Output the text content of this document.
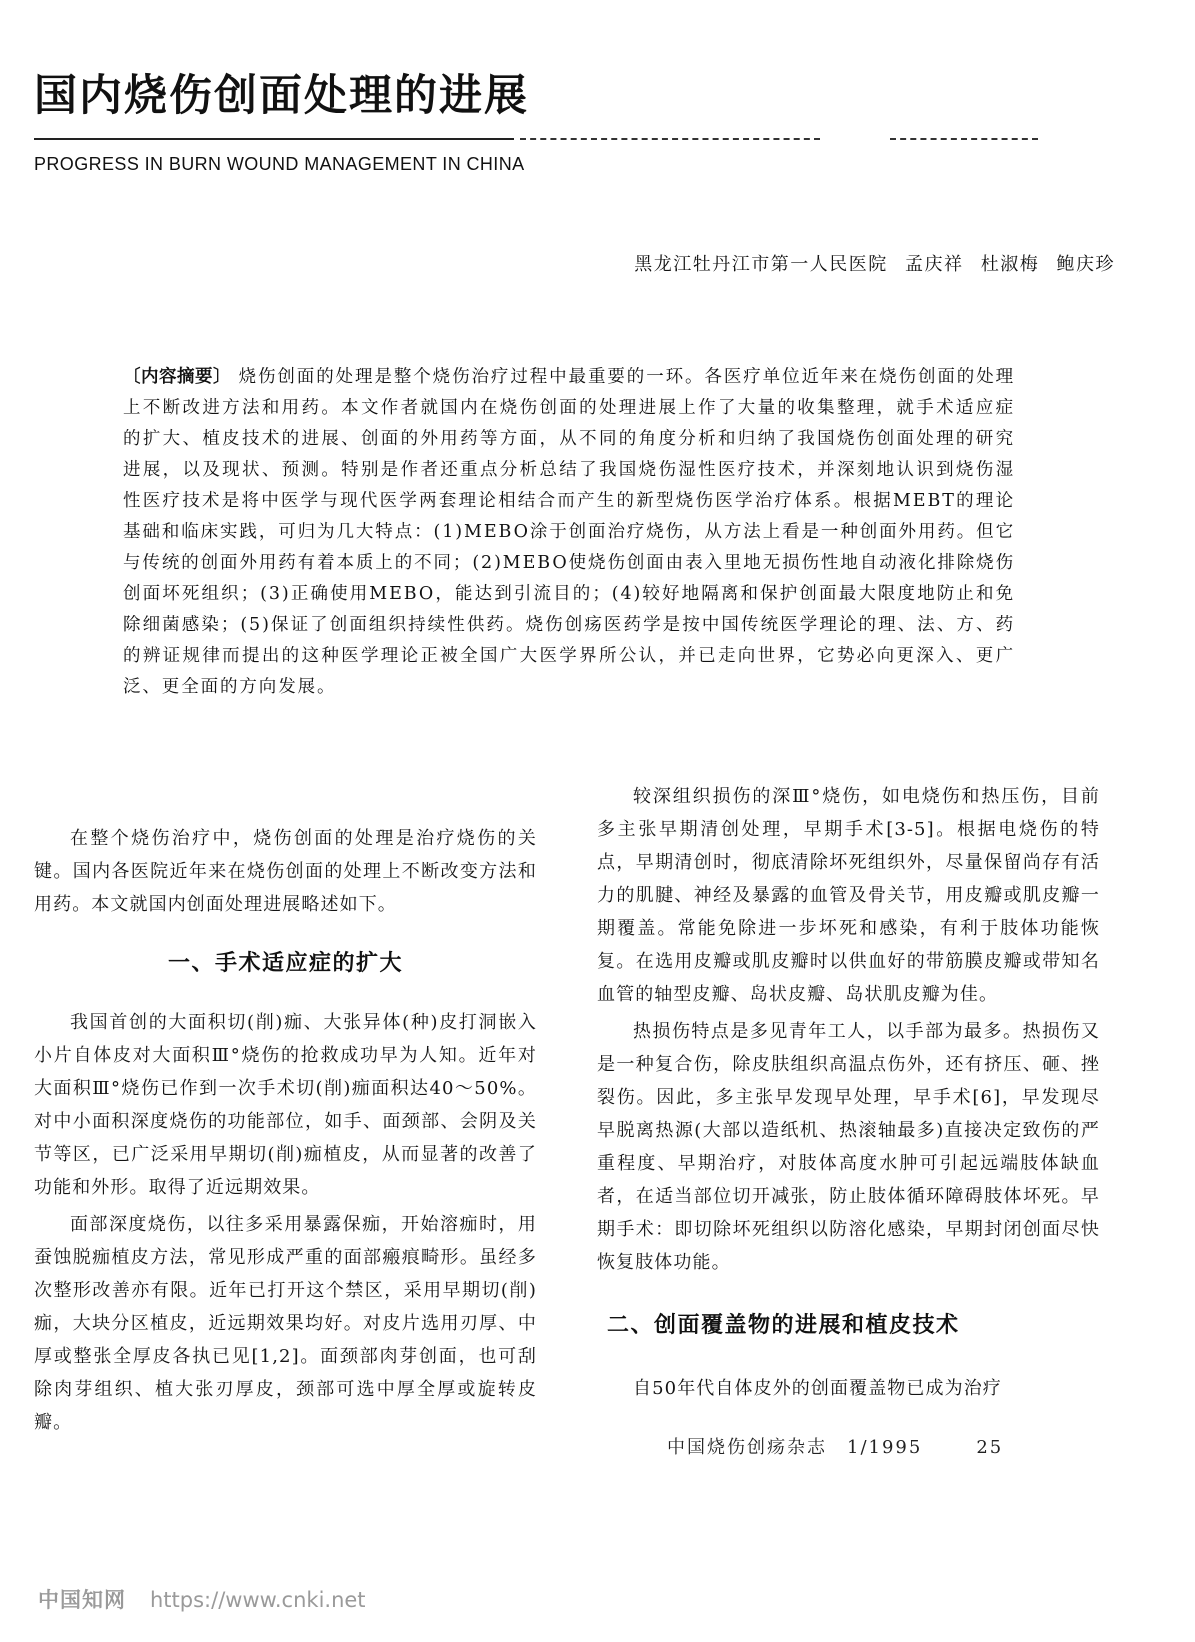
国内烧伤创面处理的进展

PROGRESS IN BURN WOUND MANAGEMENT IN CHINA

黑龙江牡丹江市第一人民医院 孟庆祥 杜淑梅 鲍庆珍

〔内容摘要〕 烧伤创面的处理是整个烧伤治疗过程中最重要的一环。各医疗单位近年来在烧伤创面的处理上不断改进方法和用药。本文作者就国内在烧伤创面的处理进展上作了大量的收集整理，就手术适应症的扩大、植皮技术的进展、创面的外用药等方面，从不同的角度分析和归纳了我国烧伤创面处理的研究进展，以及现状、预测。特别是作者还重点分析总结了我国烧伤湿性医疗技术，并深刻地认识到烧伤湿性医疗技术是将中医学与现代医学两套理论相结合而产生的新型烧伤医学治疗体系。根据MEBT的理论基础和临床实践，可归为几大特点：(1)MEBO涂于创面治疗烧伤，从方法上看是一种创面外用药。但它与传统的创面外用药有着本质上的不同；(2)MEBO使烧伤创面由表入里地无损伤性地自动液化排除烧伤创面坏死组织；(3)正确使用MEBO，能达到引流目的；(4)较好地隔离和保护创面最大限度地防止和免除细菌感染；(5)保证了创面组织持续性供药。烧伤创疡医药学是按中国传统医学理论的理、法、方、药的辨证规律而提出的这种医学理论正被全国广大医学界所公认，并已走向世界，它势必向更深入、更广泛、更全面的方向发展。

在整个烧伤治疗中，烧伤创面的处理是治疗烧伤的关键。国内各医院近年来在烧伤创面的处理上不断改变方法和用药。本文就国内创面处理进展略述如下。

一、手术适应症的扩大

我国首创的大面积切(削)痂、大张异体(种)皮打洞嵌入小片自体皮对大面积Ⅲ°烧伤的抢救成功早为人知。近年对大面积Ⅲ°烧伤已作到一次手术切(削)痂面积达40～50%。对中小面积深度烧伤的功能部位，如手、面颈部、会阴及关节等区，已广泛采用早期切(削)痂植皮，从而显著的改善了功能和外形。取得了近远期效果。

面部深度烧伤，以往多采用暴露保痂，开始溶痂时，用蚕蚀脱痂植皮方法，常见形成严重的面部瘢痕畸形。虽经多次整形改善亦有限。近年已打开这个禁区，采用早期切(削)痂，大块分区植皮，近远期效果均好。对皮片选用刃厚、中厚或整张全厚皮各执已见[1,2]。面颈部肉芽创面，也可刮除肉芽组织、植大张刃厚皮，颈部可选中厚全厚或旋转皮瓣。

较深组织损伤的深Ⅲ°烧伤，如电烧伤和热压伤，目前多主张早期清创处理，早期手术[3-5]。根据电烧伤的特点，早期清创时，彻底清除坏死组织外，尽量保留尚存有活力的肌腱、神经及暴露的血管及骨关节，用皮瓣或肌皮瓣一期覆盖。常能免除进一步坏死和感染，有利于肢体功能恢复。在选用皮瓣或肌皮瓣时以供血好的带筋膜皮瓣或带知名血管的轴型皮瓣、岛状皮瓣、岛状肌皮瓣为佳。

热损伤特点是多见青年工人，以手部为最多。热损伤又是一种复合伤，除皮肤组织高温点伤外，还有挤压、砸、挫裂伤。因此，多主张早发现早处理，早手术[6]，早发现尽早脱离热源(大部以造纸机、热滚轴最多)直接决定致伤的严重程度、早期治疗，对肢体高度水肿可引起远端肢体缺血者，在适当部位切开减张，防止肢体循环障碍肢体坏死。早期手术：即切除坏死组织以防溶化感染，早期封闭创面尽快恢复肢体功能。

二、创面覆盖物的进展和植皮技术

自50年代自体皮外的创面覆盖物已成为治疗

中国烧伤创疡杂志 1/1995	25
中国知网 https://www.cnki.net
